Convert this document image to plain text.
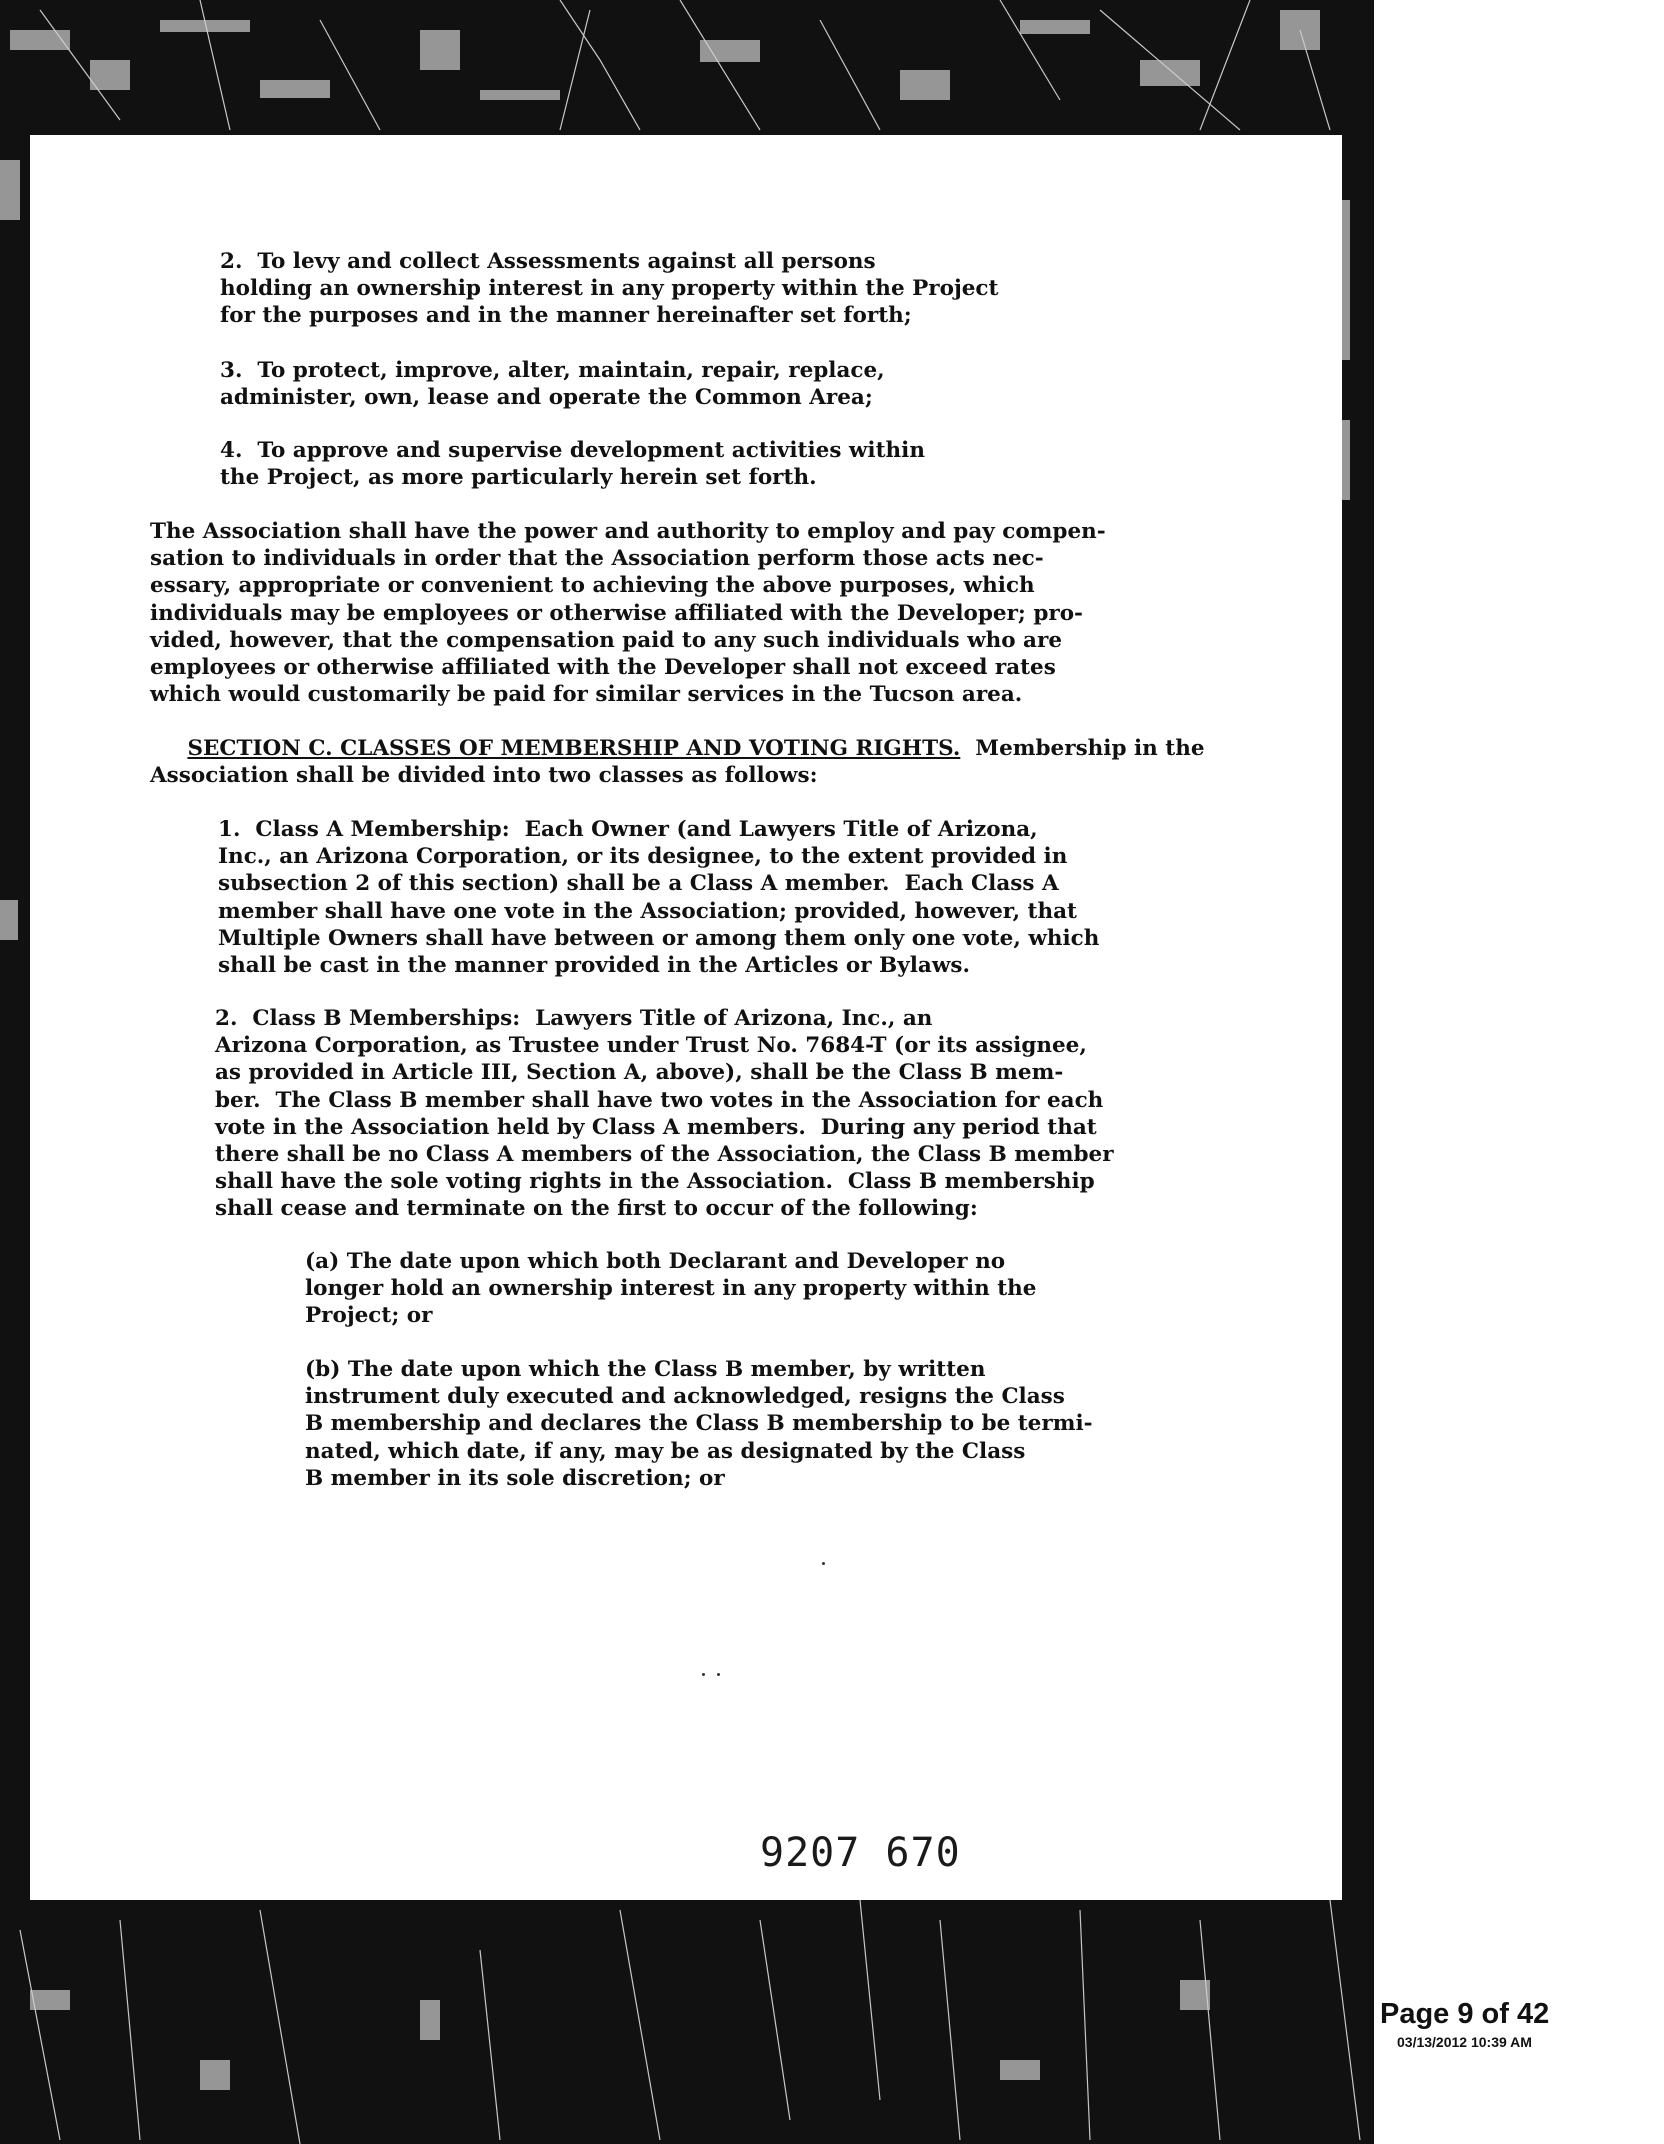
2.  To levy and collect Assessments against all persons
holding an ownership interest in any property within the Project
for the purposes and in the manner hereinafter set forth;

3.  To protect, improve, alter, maintain, repair, replace,
administer, own, lease and operate the Common Area;

4.  To approve and supervise development activities within
the Project, as more particularly herein set forth.

The Association shall have the power and authority to employ and pay compen-
sation to individuals in order that the Association perform those acts nec-
essary, appropriate or convenient to achieving the above purposes, which
individuals may be employees or otherwise affiliated with the Developer; pro-
vided, however, that the compensation paid to any such individuals who are
employees or otherwise affiliated with the Developer shall not exceed rates
which would customarily be paid for similar services in the Tucson area.

SECTION C. CLASSES OF MEMBERSHIP AND VOTING RIGHTS.  Membership in the
Association shall be divided into two classes as follows:

1.  Class A Membership:  Each Owner (and Lawyers Title of Arizona,
Inc., an Arizona Corporation, or its designee, to the extent provided in
subsection 2 of this section) shall be a Class A member.  Each Class A
member shall have one vote in the Association; provided, however, that
Multiple Owners shall have between or among them only one vote, which
shall be cast in the manner provided in the Articles or Bylaws.

2.  Class B Memberships:  Lawyers Title of Arizona, Inc., an
Arizona Corporation, as Trustee under Trust No. 7684-T (or its assignee,
as provided in Article III, Section A, above), shall be the Class B mem-
ber.  The Class B member shall have two votes in the Association for each
vote in the Association held by Class A members.  During any period that
there shall be no Class A members of the Association, the Class B member
shall have the sole voting rights in the Association.  Class B membership
shall cease and terminate on the first to occur of the following:

(a) The date upon which both Declarant and Developer no
longer hold an ownership interest in any property within the
Project; or

(b) The date upon which the Class B member, by written
instrument duly executed and acknowledged, resigns the Class
B membership and declares the Class B membership to be termi-
nated, which date, if any, may be as designated by the Class
B member in its sole discretion; or

9207 670
Page 9 of 42
03/13/2012 10:39 AM
